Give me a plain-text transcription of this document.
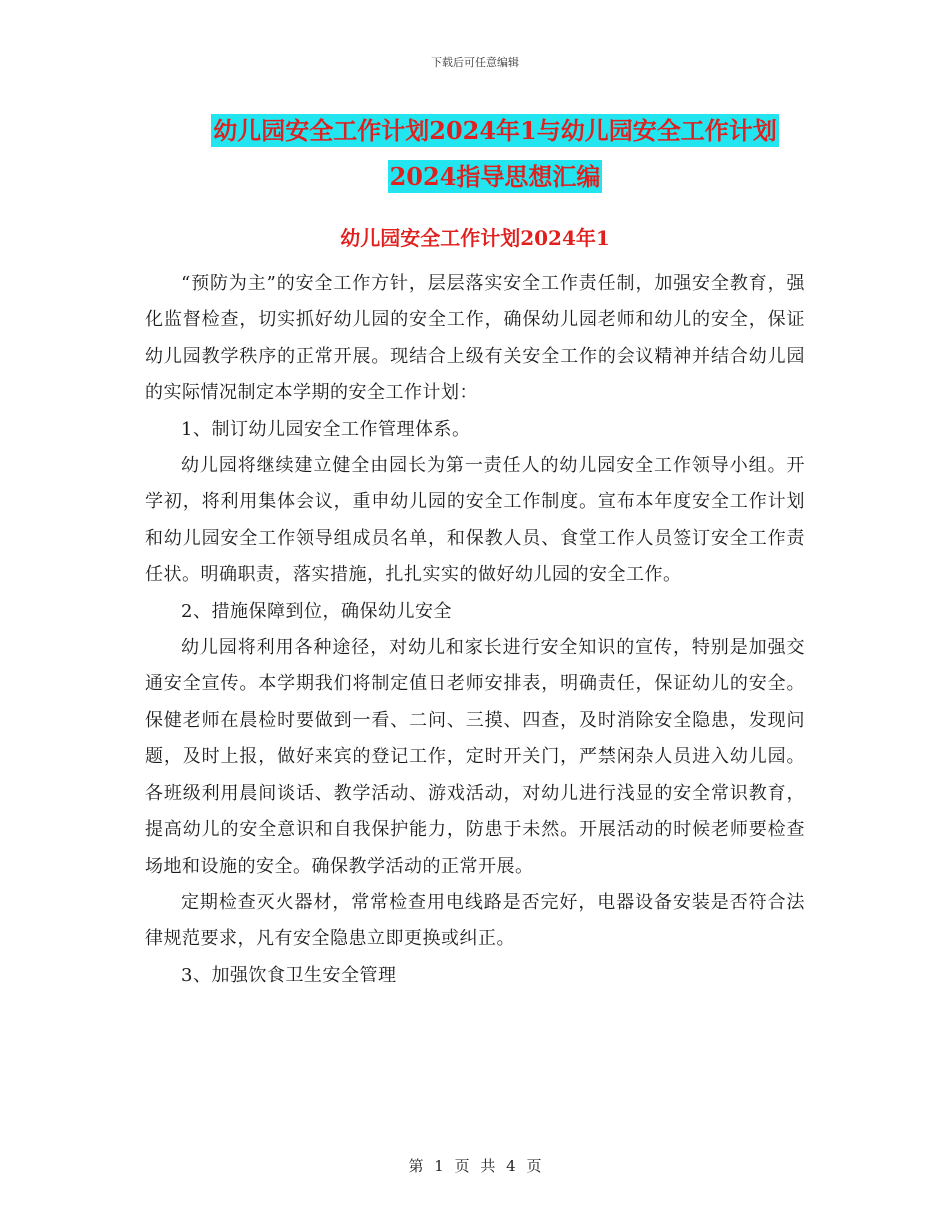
下载后可任意编辑
幼儿园安全工作计划2024年1与幼儿园安全工作计划
2024指导思想汇编
幼儿园安全工作计划2024年1

“预防为主”的安全工作方针，层层落实安全工作责任制，加强安全教育，强化监督检查，切实抓好幼儿园的安全工作，确保幼儿园老师和幼儿的安全，保证幼儿园教学秩序的正常开展。现结合上级有关安全工作的会议精神并结合幼儿园的实际情况制定本学期的安全工作计划：

1、制订幼儿园安全工作管理体系。

幼儿园将继续建立健全由园长为第一责任人的幼儿园安全工作领导小组。开学初，将利用集体会议，重申幼儿园的安全工作制度。宣布本年度安全工作计划和幼儿园安全工作领导组成员名单，和保教人员、食堂工作人员签订安全工作责任状。明确职责，落实措施，扎扎实实的做好幼儿园的安全工作。

2、措施保障到位，确保幼儿安全

幼儿园将利用各种途径，对幼儿和家长进行安全知识的宣传，特别是加强交通安全宣传。本学期我们将制定值日老师安排表，明确责任，保证幼儿的安全。保健老师在晨检时要做到一看、二问、三摸、四查，及时消除安全隐患，发现问题，及时上报，做好来宾的登记工作，定时开关门，严禁闲杂人员进入幼儿园。各班级利用晨间谈话、教学活动、游戏活动，对幼儿进行浅显的安全常识教育，提高幼儿的安全意识和自我保护能力，防患于未然。开展活动的时候老师要检查场地和设施的安全。确保教学活动的正常开展。

定期检查灭火器材，常常检查用电线路是否完好，电器设备安装是否符合法律规范要求，凡有安全隐患立即更换或纠正。

3、加强饮食卫生安全管理

第 1 页 共 4 页
